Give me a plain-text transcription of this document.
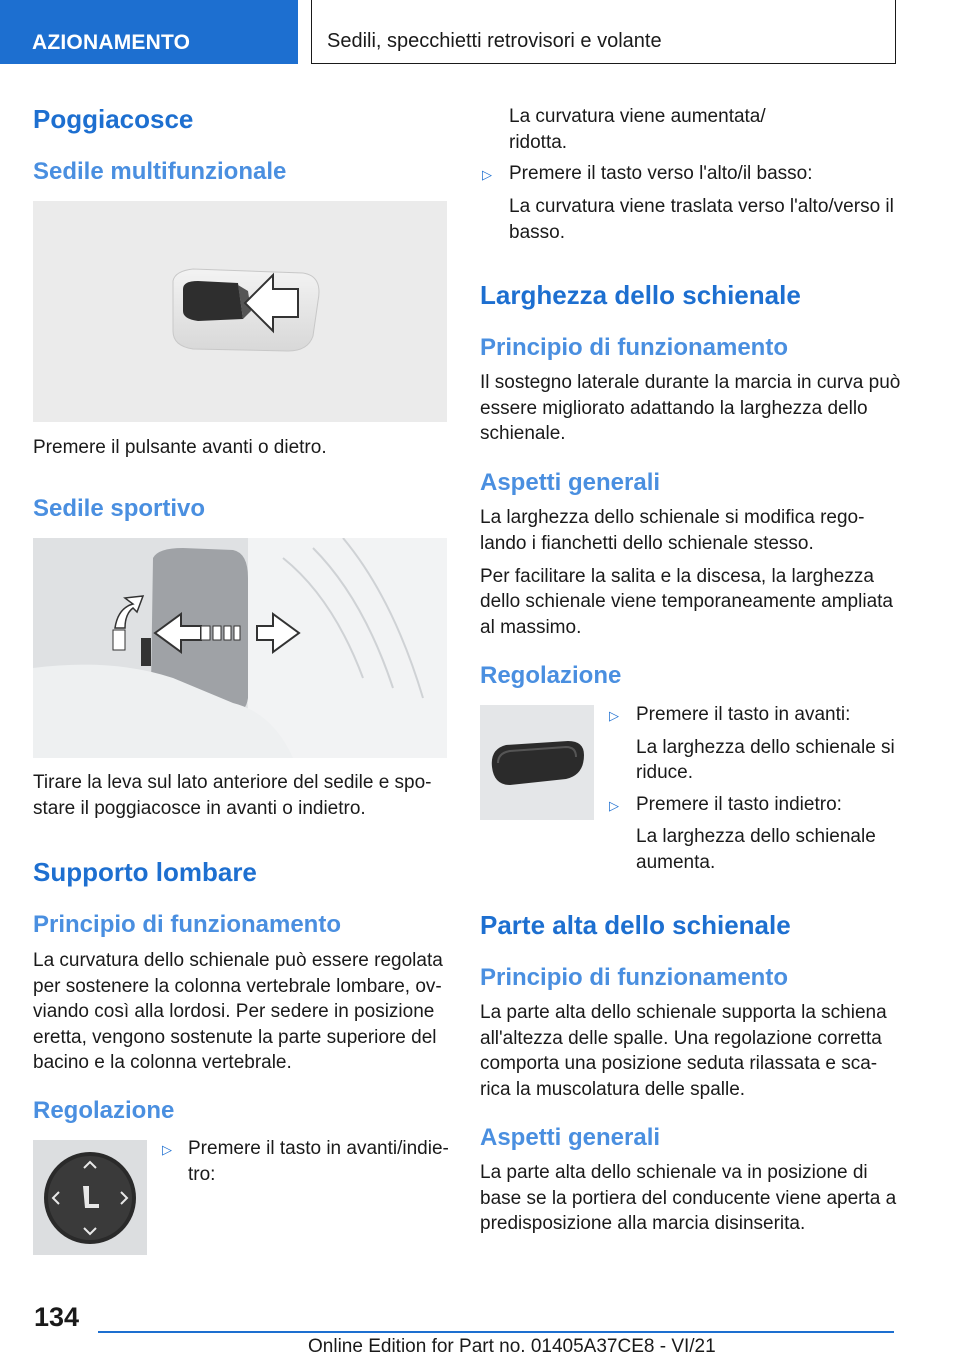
AZIONAMENTO	Sedili, specchietti retrovisori e volante
Poggiacosce
Sedile multifunzionale
Premere il pulsante avanti o dietro.
Sedile sportivo
Tirare la leva sul lato anteriore del sedile e spo-
stare il poggiacosce in avanti o indietro.
Supporto lombare
Principio di funzionamento
La curvatura dello schienale può essere regolata
per sostenere la colonna vertebrale lombare, ov-
viando così alla lordosi. Per sedere in posizione
eretta, vengono sostenute la parte superiore del
bacino e la colonna vertebrale.
Regolazione
▷ Premere il tasto in avanti/indie-
tro:
La curvatura viene aumentata/
ridotta.
▷ Premere il tasto verso l'alto/il basso:
La curvatura viene traslata verso l'alto/verso il
basso.
Larghezza dello schienale
Principio di funzionamento
Il sostegno laterale durante la marcia in curva può
essere migliorato adattando la larghezza dello
schienale.
Aspetti generali
La larghezza dello schienale si modifica rego-
lando i fianchetti dello schienale stesso.
Per facilitare la salita e la discesa, la larghezza
dello schienale viene temporaneamente ampliata
al massimo.
Regolazione
▷ Premere il tasto in avanti:
La larghezza dello schienale si
riduce.
▷ Premere il tasto indietro:
La larghezza dello schienale
aumenta.
Parte alta dello schienale
Principio di funzionamento
La parte alta dello schienale supporta la schiena
all'altezza delle spalle. Una regolazione corretta
comporta una posizione seduta rilassata e sca-
rica la muscolatura delle spalle.
Aspetti generali
La parte alta dello schienale va in posizione di
base se la portiera del conducente viene aperta a
predisposizione alla marcia disinserita.
134
Online Edition for Part no. 01405A37CE8 - VI/21
